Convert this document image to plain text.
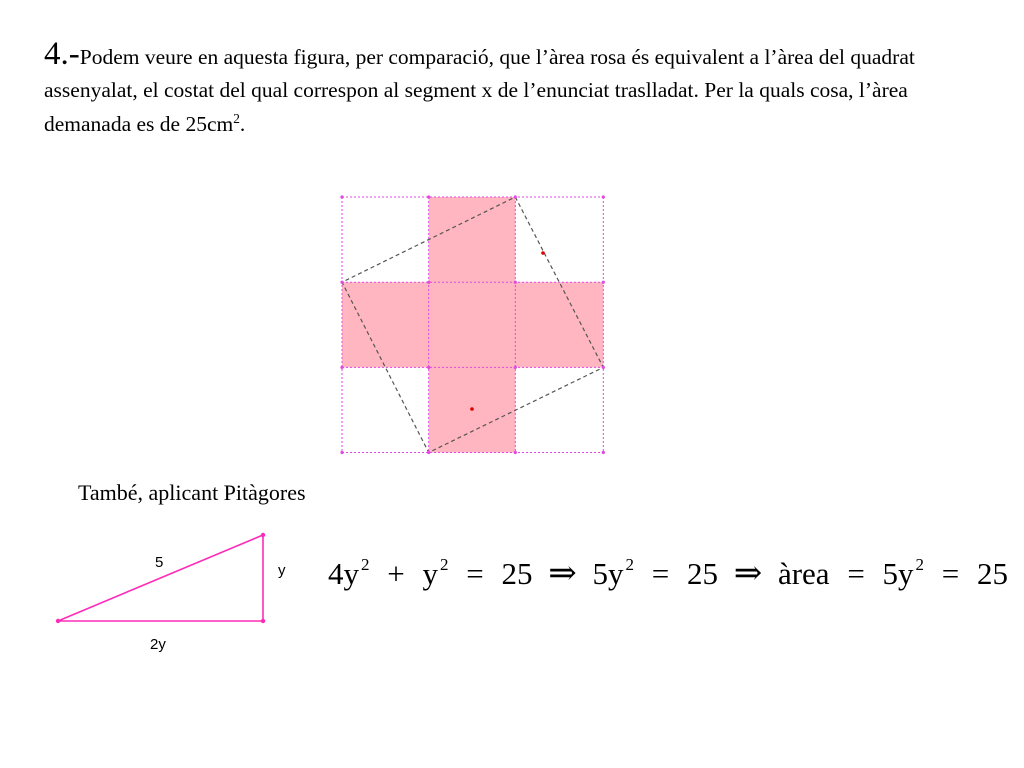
4.-Podem veure en aquesta figura, per comparació, que l’àrea rosa és equivalent a l’àrea del quadrat assenyalat, el costat del qual correspon al segment x de l’enunciat traslladat. Per la quals cosa, l’àrea demanada es de $25cm^2$.
També, aplicant Pitàgores
5	y
2y
4y 2 + y 2 = 25 ⇒ 5y 2 = 25 ⇒ àrea = 5y 2 = 25
